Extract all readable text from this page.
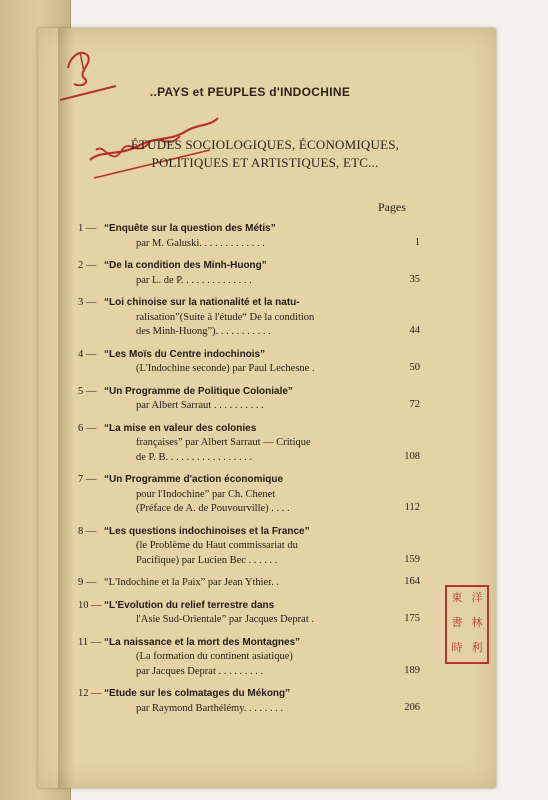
..PAYS et PEUPLES d'INDOCHINE
ÉTUDES SOCIOLOGIQUES, ÉCONOMIQUES,
POLITIQUES ET ARTISTIQUES, ETC...
Pages
1 — “Enquête sur la question des Métis”
par M. Galuski. . . . . . . . . . . . .	1
2 — “De la condition des Minh-Huong”
par L. de P. . . . . . . . . . . . . .	35
3 — “Loi chinoise sur la nationalité et la natu-
ralisation”(Suite à l'étude“ De la condition
des Minh-Huong”). . . . . . . . . . .	44
4 — “Les Moïs du Centre indochinois”
(L'Indochine seconde) par Paul Lechesne .	50
5 — “Un Programme de Politique Coloniale”
par Albert Sarraut . . . . . . . . . .	72
6 — “La mise en valeur des colonies
françaises” par Albert Sarraut — Critique
de P. B. . . . . . . . . . . . . . . . .	108
7 — “Un Programme d'action économique
pour l'Indochine” par Ch. Chenet
(Préface de A. de Pouvourville) . . . .	112
8 — “Les questions indochinoises et la France”
(le Problème du Haut commissariat du
Pacifique) par Lucien Bec . . . . . .	159
9 — “L'Indochine et la Paix” par Jean Ythier. .	164
10 — “L'Evolution du relief terrestre dans
l'Asie Sud-Orientale” par Jacques Deprat .	175
11 — “La naissance et la mort des Montagnes”
(La formation du continent asiatique)
par Jacques Deprat . . . . . . . . .	189
12 — “Etude sur les colmatages du Mékong”
par Raymond Barthélémy. . . . . . . .	206
東 洋
書 林
時 利
